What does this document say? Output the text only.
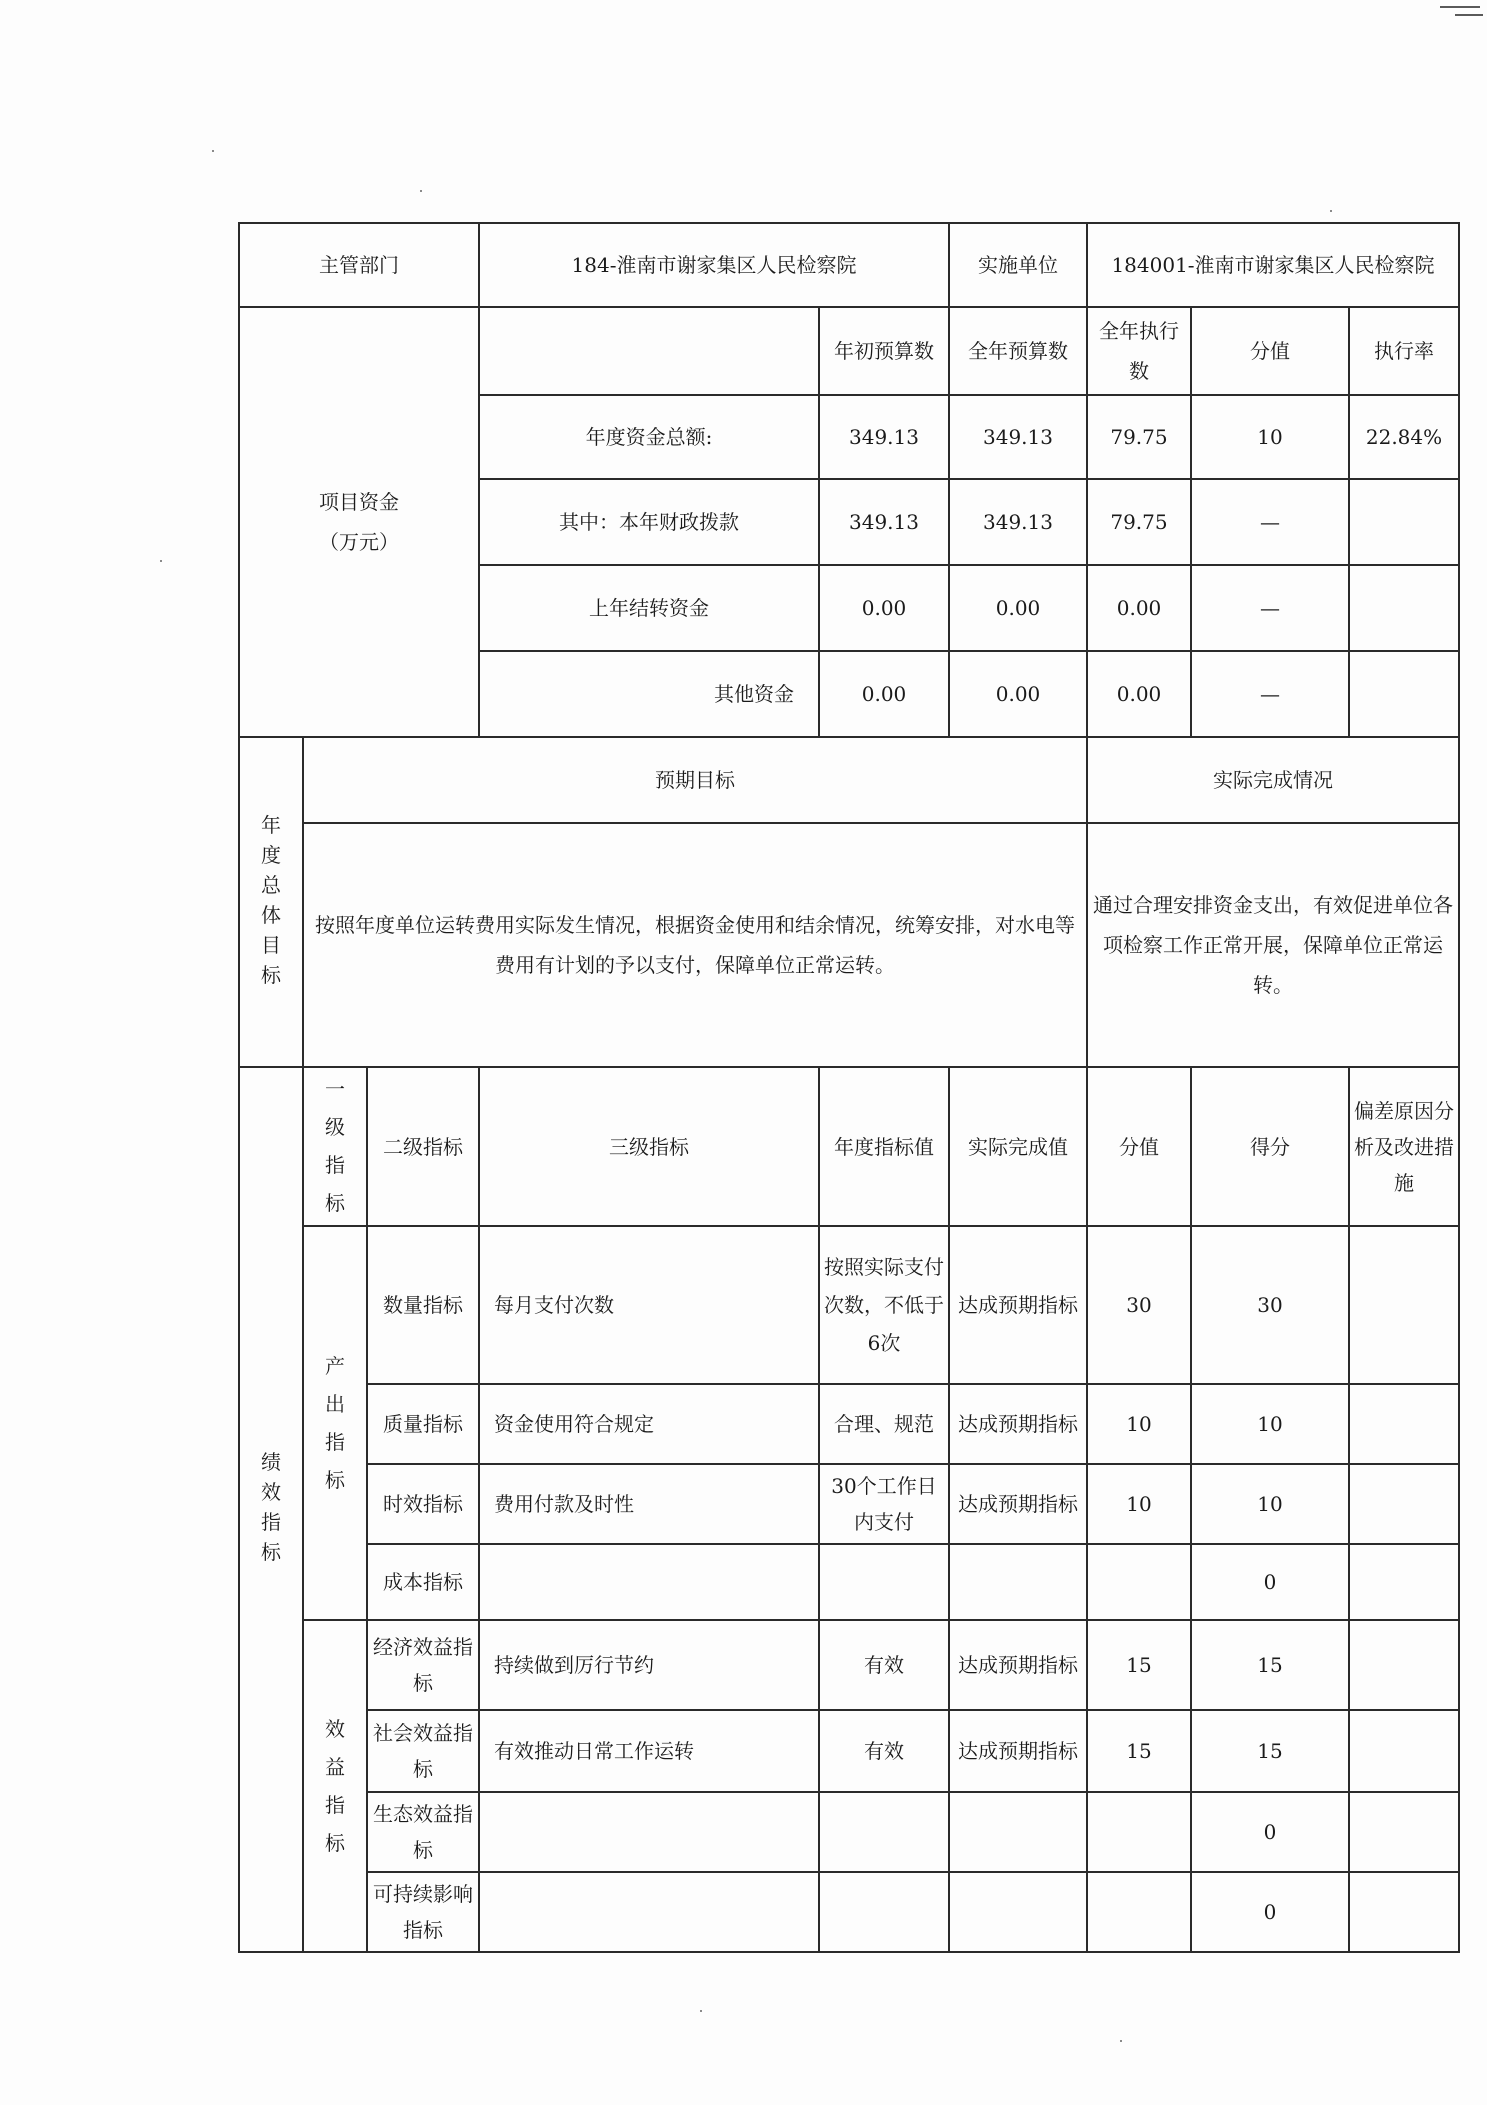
主管部门			184-淮南市谢家集区人民检察院		实施单位	184001-淮南市谢家集区人民检察院			

项目资金
（万元）				年初预算数	全年预算数	全年执行数	分值	执行率	
			年度资金总额:	349.13	349.13	79.75	10	22.84%	
			其中：本年财政拨款	349.13	349.13	79.75	—		
			上年结转资金	0.00	0.00	0.00	—		
			其他资金	0.00	0.00	0.00	—		
年度总体目标	预期目标					实际完成情况			
	按照年度单位运转费用实际发生情况，根据资金使用和结余情况，统筹安排，对水电等费用有计划的予以支付，保障单位正常运转。					通过合理安排资金支出，有效促进单位各项检察工作正常开展，保障单位正常运转。			
绩效指标	一级指标	二级指标	三级指标	年度指标值	实际完成值	分值	得分	偏差原因分析及改进措施	
	产出指标	数量指标	每月支付次数	按照实际支付次数，不低于6次	达成预期指标	30	30		
		质量指标	资金使用符合规定	合理、规范	达成预期指标	10	10		
		时效指标	费用付款及时性	30个工作日内支付	达成预期指标	10	10		
		成本指标					0		
	效益指标	经济效益指标	持续做到厉行节约	有效	达成预期指标	15	15		
		社会效益指标	有效推动日常工作运转	有效	达成预期指标	15	15		
		生态效益指标					0		
		可持续影响指标					0		
